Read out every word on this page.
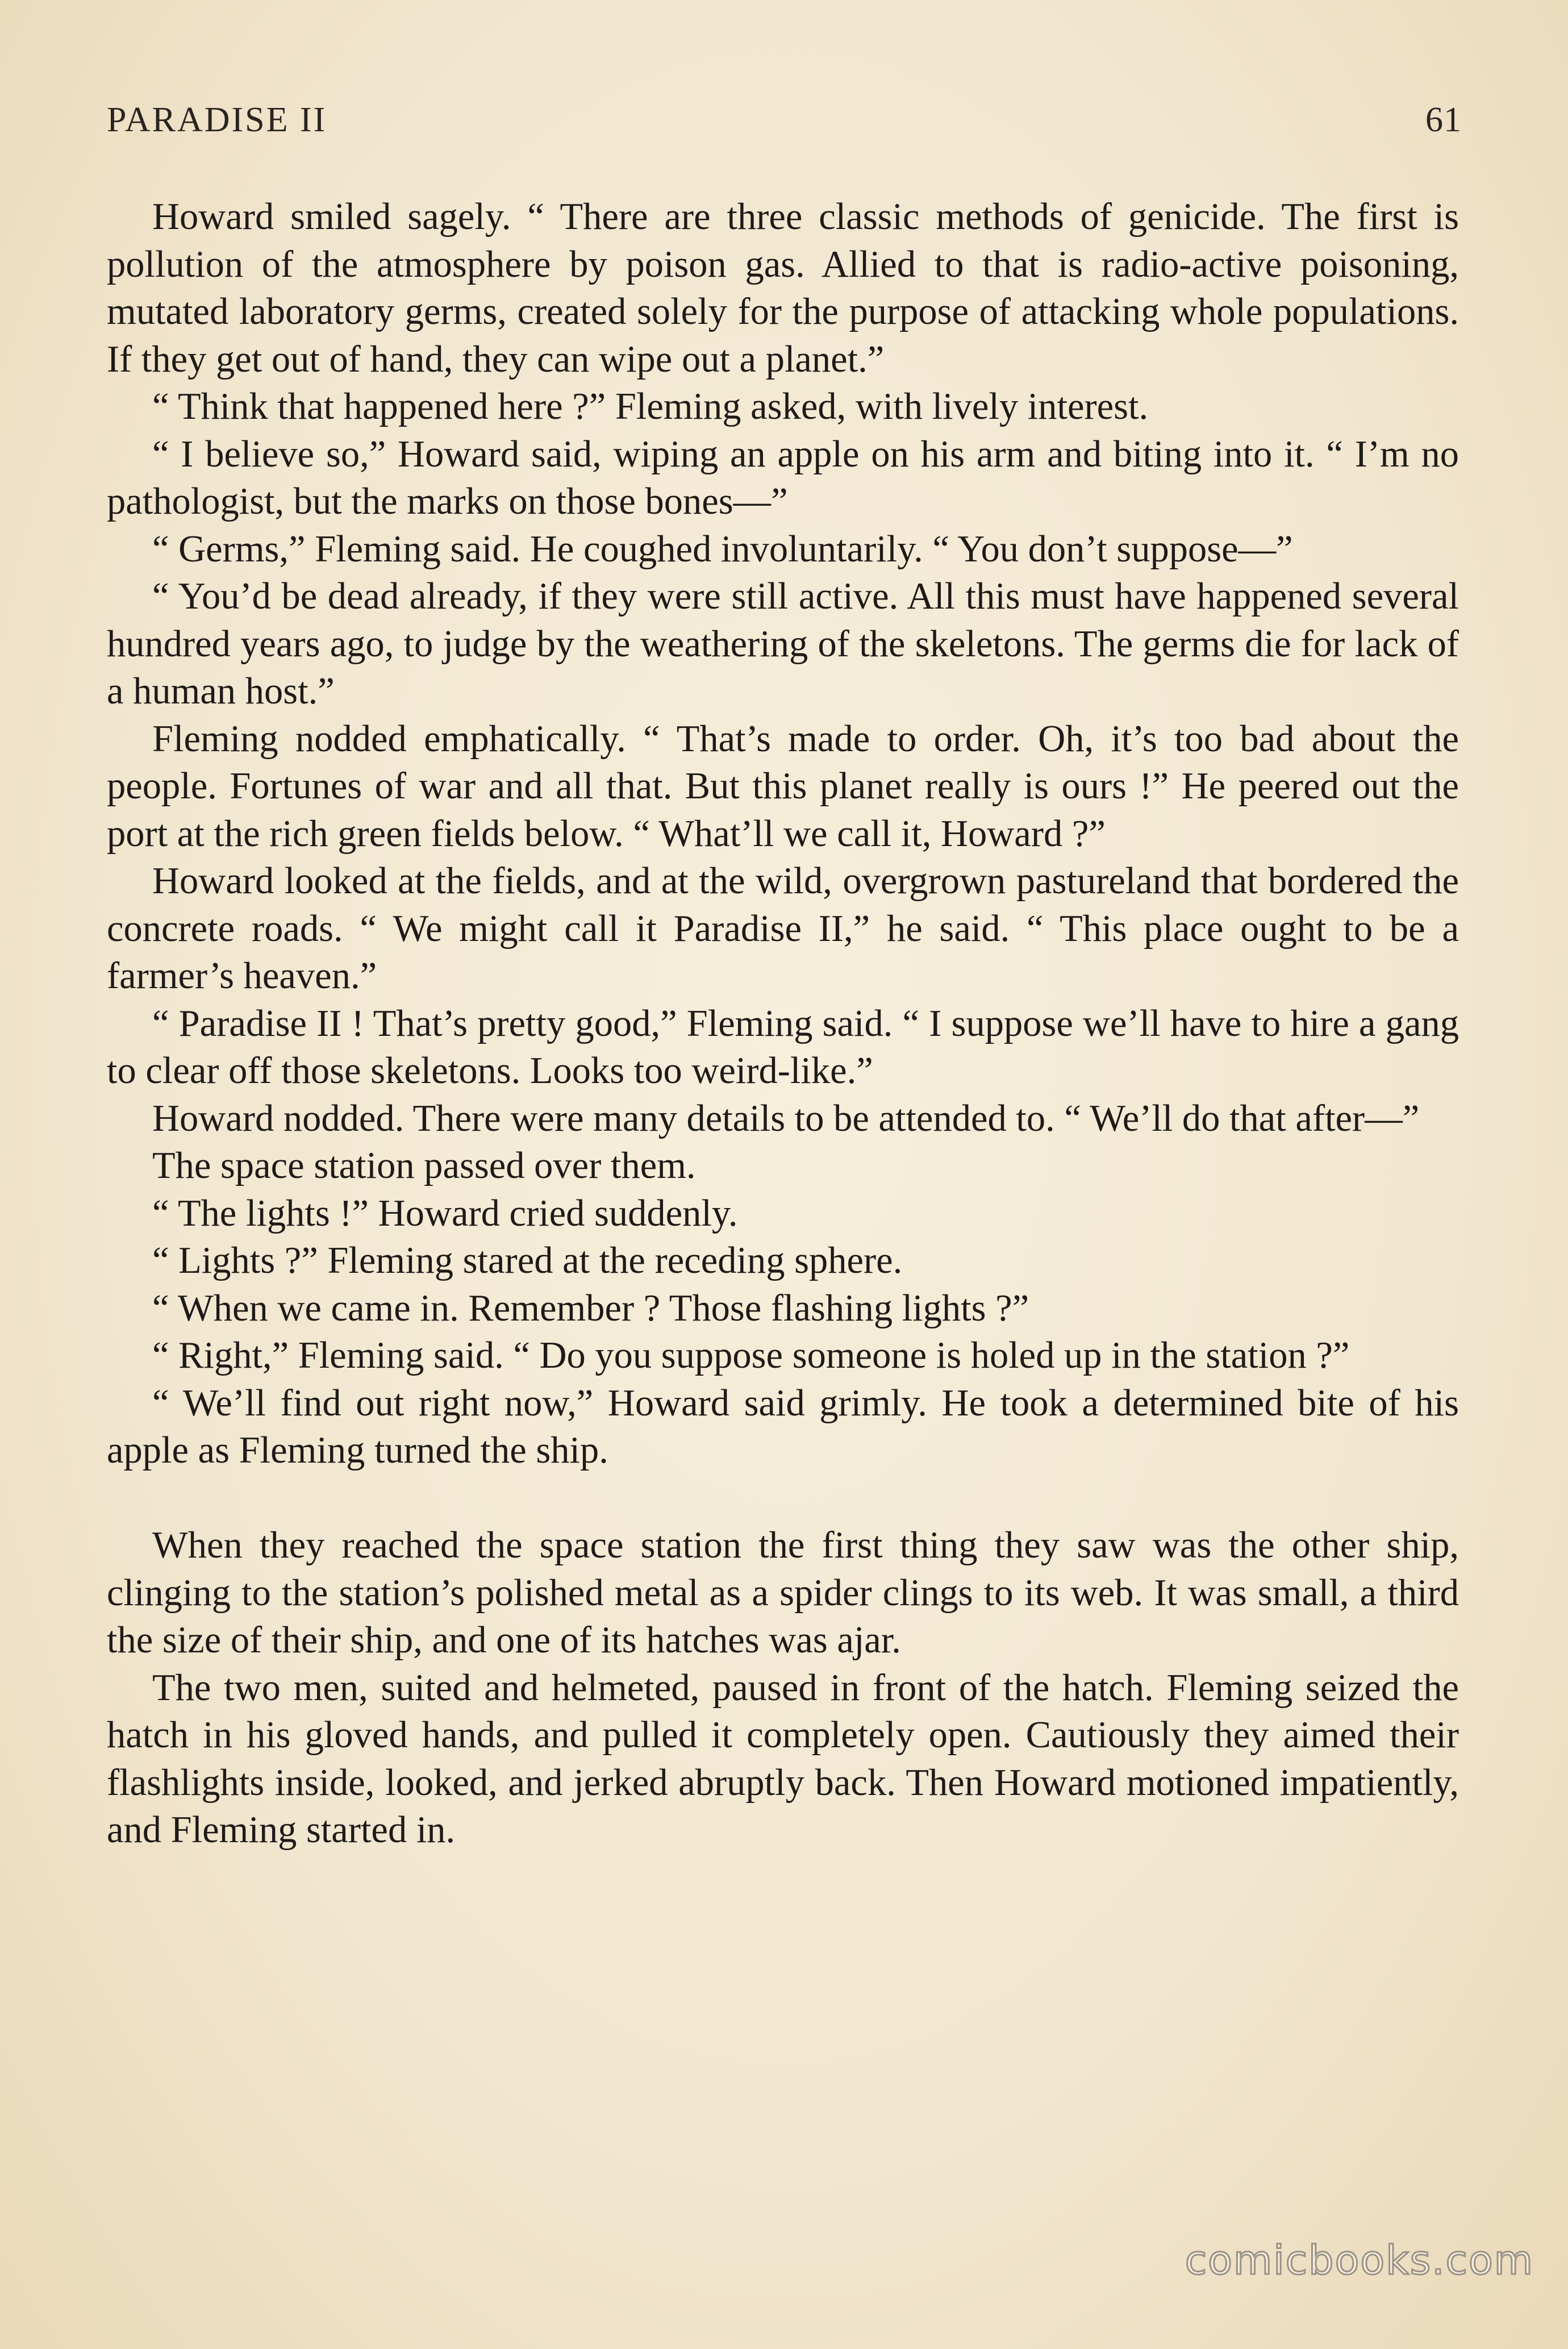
PARADISE II	61

Howard smiled sagely. “ There are three classic methods of genicide. The first is pollution of the atmosphere by poison gas. Allied to that is radio-active poisoning, mutated laboratory germs, created solely for the purpose of attacking whole populations. If they get out of hand, they can wipe out a planet.”

“ Think that happened here ?” Fleming asked, with lively interest.

“ I believe so,” Howard said, wiping an apple on his arm and biting into it. “ I’m no pathologist, but the marks on those bones—”

“ Germs,” Fleming said. He coughed involuntarily. “ You don’t suppose—”

“ You’d be dead already, if they were still active. All this must have happened several hundred years ago, to judge by the weathering of the skeletons. The germs die for lack of a human host.”

Fleming nodded emphatically. “ That’s made to order. Oh, it’s too bad about the people. Fortunes of war and all that. But this planet really is ours !” He peered out the port at the rich green fields below. “ What’ll we call it, Howard ?”

Howard looked at the fields, and at the wild, overgrown pastureland that bordered the concrete roads. “ We might call it Paradise II,” he said. “ This place ought to be a farmer’s heaven.”

“ Paradise II ! That’s pretty good,” Fleming said. “ I suppose we’ll have to hire a gang to clear off those skeletons. Looks too weird-like.”

Howard nodded. There were many details to be attended to. “ We’ll do that after—”

The space station passed over them.

“ The lights !” Howard cried suddenly.

“ Lights ?” Fleming stared at the receding sphere.

“ When we came in. Remember ? Those flashing lights ?”

“ Right,” Fleming said. “ Do you suppose someone is holed up in the station ?”

“ We’ll find out right now,” Howard said grimly. He took a determined bite of his apple as Fleming turned the ship.

When they reached the space station the first thing they saw was the other ship, clinging to the station’s polished metal as a spider clings to its web. It was small, a third the size of their ship, and one of its hatches was ajar.

The two men, suited and helmeted, paused in front of the hatch. Fleming seized the hatch in his gloved hands, and pulled it completely open. Cautiously they aimed their flashlights inside, looked, and jerked abruptly back. Then Howard motioned impatiently, and Fleming started in.

comicbooks.com
